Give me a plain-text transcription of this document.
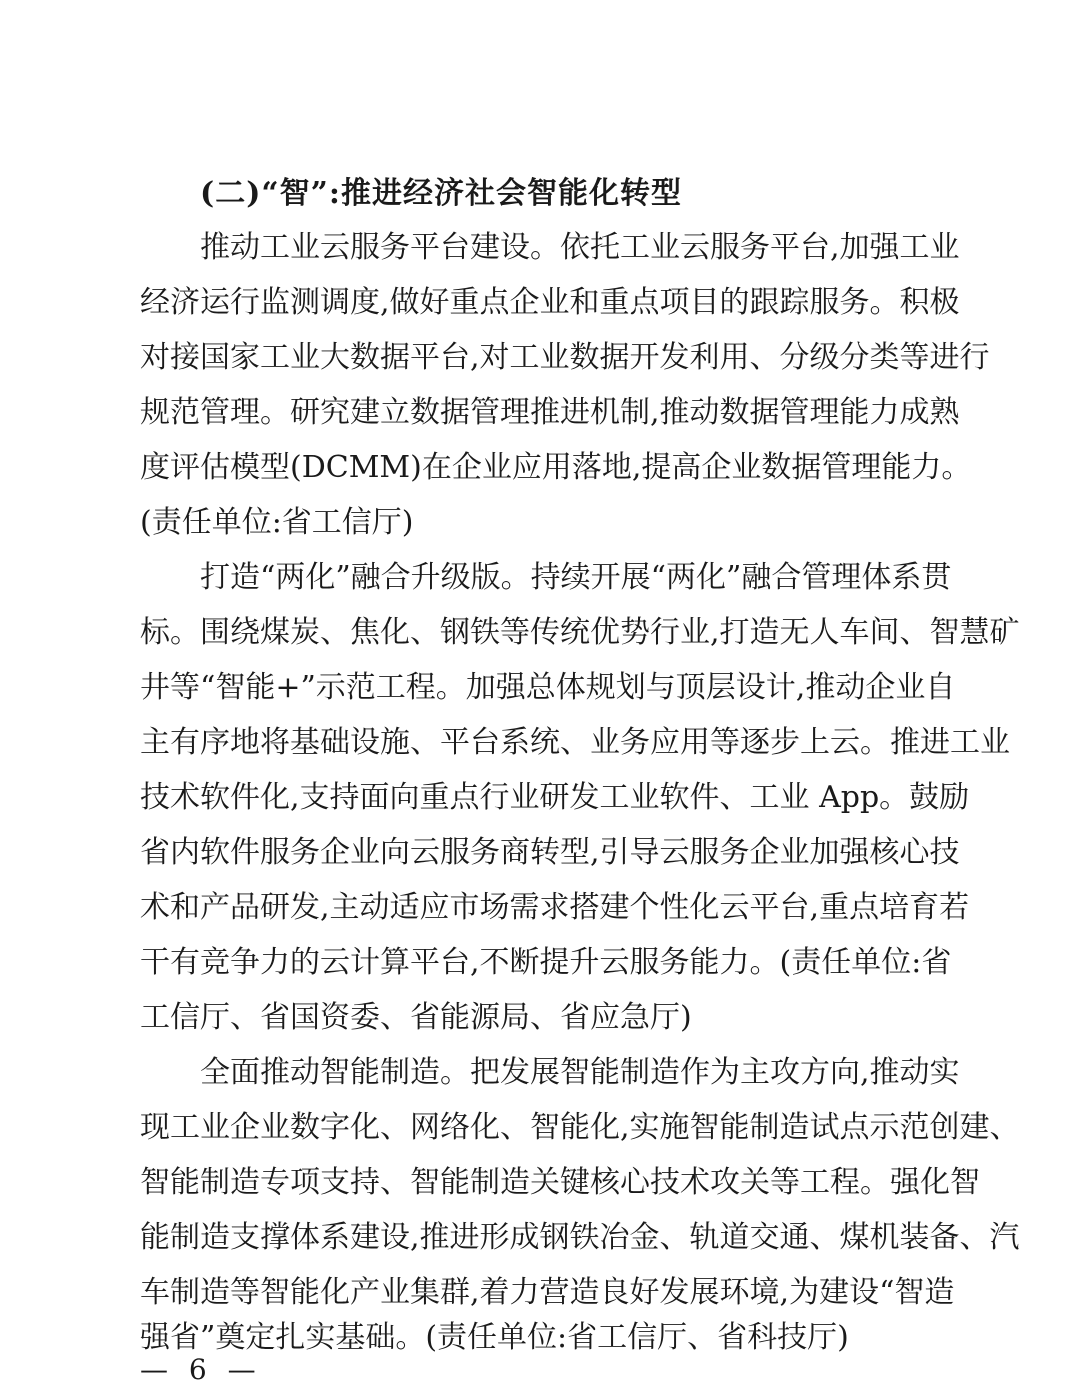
(二)“智”:推进经济社会智能化转型
推动工业云服务平台建设。依托工业云服务平台,加强工业
经济运行监测调度,做好重点企业和重点项目的跟踪服务。积极
对接国家工业大数据平台,对工业数据开发利用、分级分类等进行
规范管理。研究建立数据管理推进机制,推动数据管理能力成熟
度评估模型(DCMM)在企业应用落地,提高企业数据管理能力。
(责任单位:省工信厅)
打造“两化”融合升级版。持续开展“两化”融合管理体系贯
标。围绕煤炭、焦化、钢铁等传统优势行业,打造无人车间、智慧矿
井等“智能+”示范工程。加强总体规划与顶层设计,推动企业自
主有序地将基础设施、平台系统、业务应用等逐步上云。推进工业
技术软件化,支持面向重点行业研发工业软件、工业 App。鼓励
省内软件服务企业向云服务商转型,引导云服务企业加强核心技
术和产品研发,主动适应市场需求搭建个性化云平台,重点培育若
干有竞争力的云计算平台,不断提升云服务能力。(责任单位:省
工信厅、省国资委、省能源局、省应急厅)
全面推动智能制造。把发展智能制造作为主攻方向,推动实
现工业企业数字化、网络化、智能化,实施智能制造试点示范创建、
智能制造专项支持、智能制造关键核心技术攻关等工程。强化智
能制造支撑体系建设,推进形成钢铁冶金、轨道交通、煤机装备、汽
车制造等智能化产业集群,着力营造良好发展环境,为建设“智造
强省”奠定扎实基础。(责任单位:省工信厅、省科技厅)
— 6 —
